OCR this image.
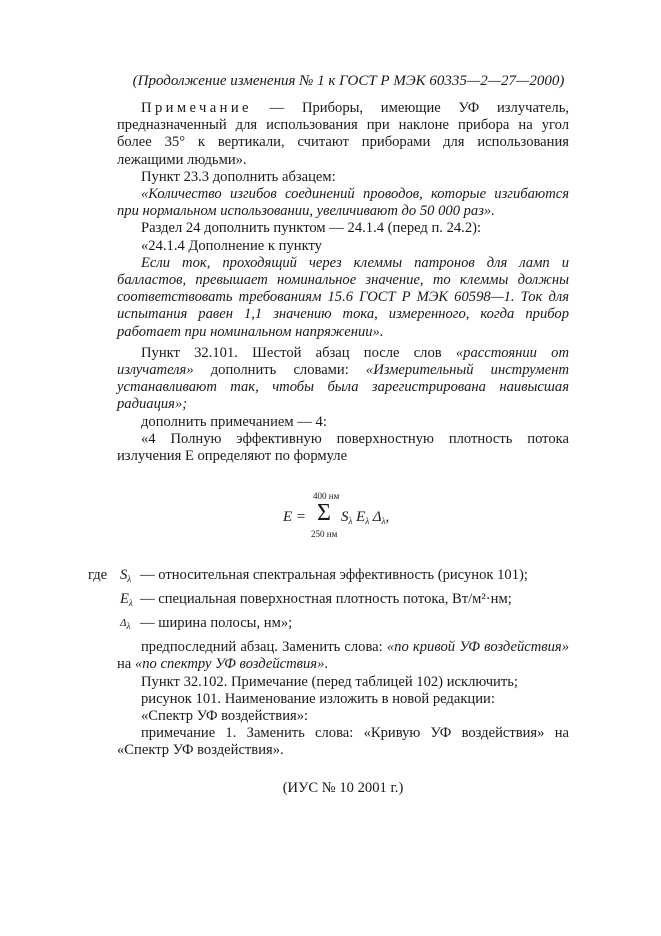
(Продолжение изменения № 1 к ГОСТ Р МЭК 60335—2—27—2000)

Примечание — Приборы, имеющие УФ излучатель, предназначенный для использования при наклоне прибора на угол более 35° к вертикали, считают приборами для использования лежащими людьми».

Пункт 23.3 дополнить абзацем:

«Количество изгибов соединений проводов, которые изгибаются при нормальном использовании, увеличивают до 50 000 раз».

Раздел 24 дополнить пунктом — 24.1.4 (перед п. 24.2):

«24.1.4 Дополнение к пункту

Если ток, проходящий через клеммы патронов для ламп и балластов, превышает номинальное значение, то клеммы должны соответствовать требованиям 15.6 ГОСТ Р МЭК 60598—1. Ток для испытания равен 1,1 значению тока, измеренного, когда прибор работает при номинальном напряжении».

Пункт 32.101. Шестой абзац после слов «расстоянии от излучателя» дополнить словами: «Измерительный инструмент устанавливают так, чтобы была зарегистрирована наивысшая радиация»;

дополнить примечанием — 4:

«4 Полную эффективную поверхностную плотность потока излучения E определяют по формуле

E =
400 нм
Σ
250 нм
$S_\lambda$ $E_\lambda$ $\Delta_\lambda$,
где $S_\lambda$ — относительная спектральная эффективность (рисунок 101);
$E_\lambda$ — специальная поверхностная плотность потока, Вт/м²·нм;
$\Delta_\lambda$ — ширина полосы, нм»;

предпоследний абзац. Заменить слова: «по кривой УФ воздействия» на «по спектру УФ воздействия».

Пункт 32.102. Примечание (перед таблицей 102) исключить;

рисунок 101. Наименование изложить в новой редакции:

«Спектр УФ воздействия»:

примечание 1. Заменить слова: «Кривую УФ воздействия» на «Спектр УФ воздействия».

(ИУС № 10 2001 г.)
